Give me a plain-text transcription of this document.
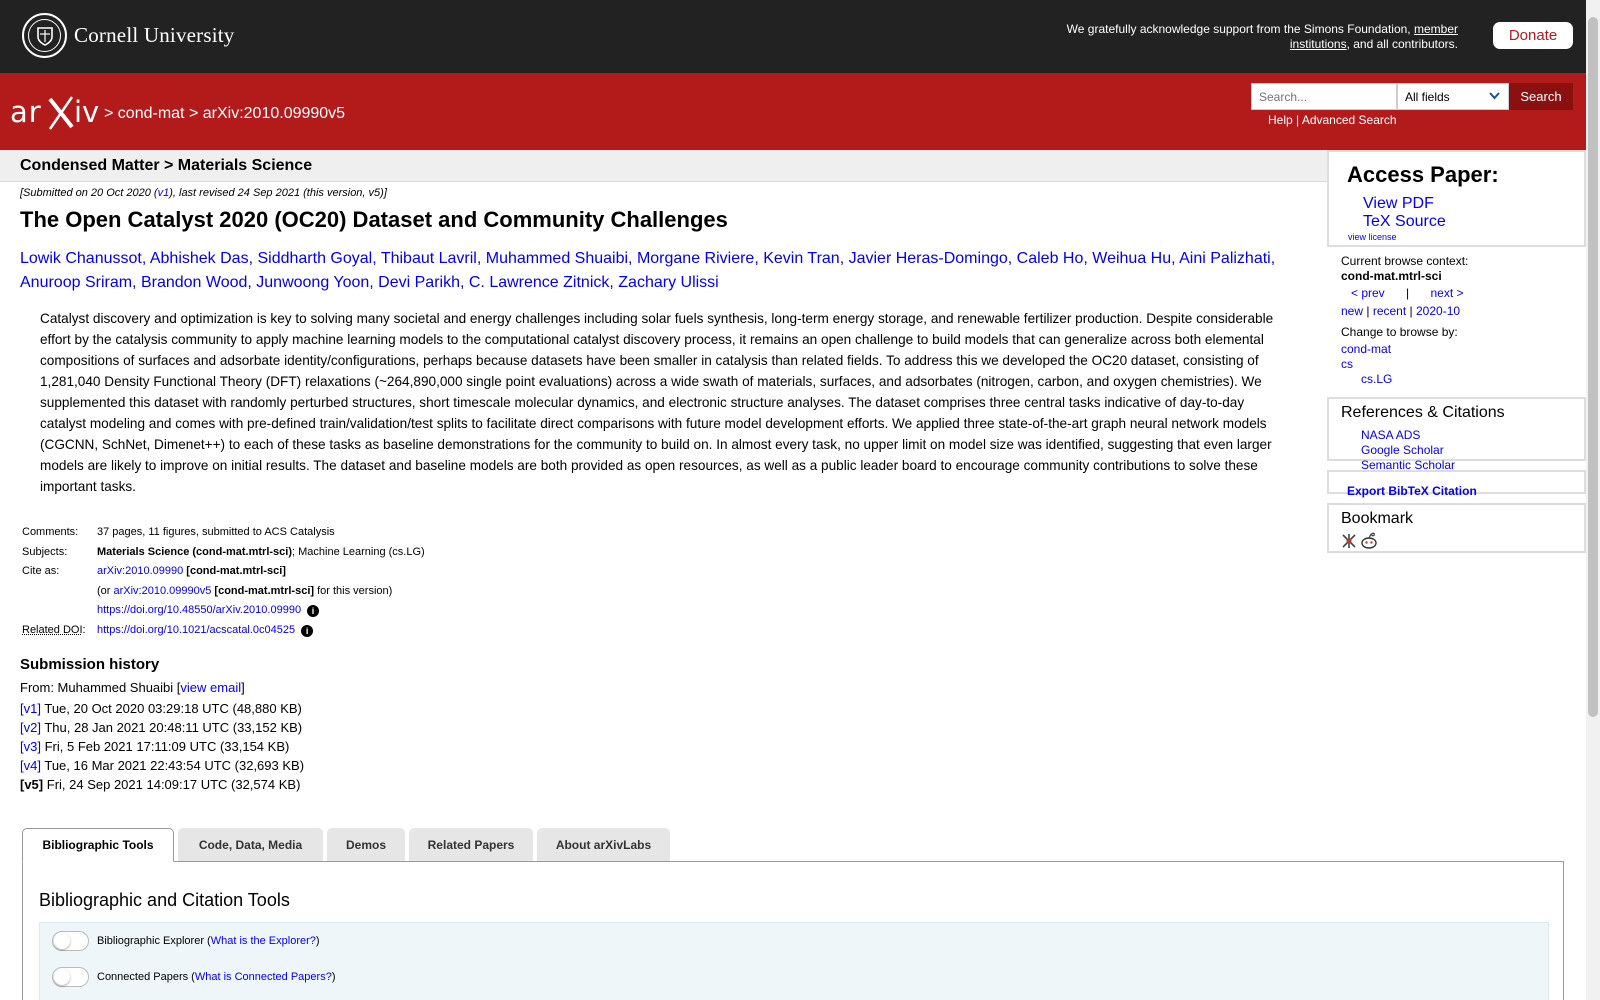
Cornell University	We gratefully acknowledge support from the Simons Foundation, member institutions, and all contributors.	Donate
ar iv > cond-mat > arXiv:2010.09990v5
Search...
All fields	Search
Help | Advanced Search
Condensed Matter > Materials Science
[Submitted on 20 Oct 2020 (v1), last revised 24 Sep 2021 (this version, v5)]
The Open Catalyst 2020 (OC20) Dataset and Community Challenges
Lowik Chanussot, Abhishek Das, Siddharth Goyal, Thibaut Lavril, Muhammed Shuaibi, Morgane Riviere, Kevin Tran, Javier Heras-Domingo, Caleb Ho, Weihua Hu, Aini Palizhati, Anuroop Sriram, Brandon Wood, Junwoong Yoon, Devi Parikh, C. Lawrence Zitnick, Zachary Ulissi

Catalyst discovery and optimization is key to solving many societal and energy challenges including solar fuels synthesis, long-term energy storage, and renewable fertilizer production. Despite considerable effort by the catalysis community to apply machine learning models to the computational catalyst discovery process, it remains an open challenge to build models that can generalize across both elemental compositions of surfaces and adsorbate identity/configurations, perhaps because datasets have been smaller in catalysis than related fields. To address this we developed the OC20 dataset, consisting of 1,281,040 Density Functional Theory (DFT) relaxations (~264,890,000 single point evaluations) across a wide swath of materials, surfaces, and adsorbates (nitrogen, carbon, and oxygen chemistries). We supplemented this dataset with randomly perturbed structures, short timescale molecular dynamics, and electronic structure analyses. The dataset comprises three central tasks indicative of day-to-day catalyst modeling and comes with pre-defined train/validation/test splits to facilitate direct comparisons with future model development efforts. We applied three state-of-the-art graph neural network models (CGCNN, SchNet, Dimenet++) to each of these tasks as baseline demonstrations for the community to build on. In almost every task, no upper limit on model size was identified, suggesting that even larger models are likely to improve on initial results. The dataset and baseline models are both provided as open resources, as well as a public leader board to encourage community contributions to solve these important tasks.

Comments:	37 pages, 11 figures, submitted to ACS Catalysis
Subjects:	Materials Science (cond-mat.mtrl-sci); Machine Learning (cs.LG)
Cite as:	arXiv:2010.09990 [cond-mat.mtrl-sci]
	(or arXiv:2010.09990v5 [cond-mat.mtrl-sci] for this version)
	https://doi.org/10.48550/arXiv.2010.09990 i
Related DOI:	https://doi.org/10.1021/acscatal.0c04525 i
Submission history
From: Muhammed Shuaibi [view email]
[v1] Tue, 20 Oct 2020 03:29:18 UTC (48,880 KB)
[v2] Thu, 28 Jan 2021 20:48:11 UTC (33,152 KB)
[v3] Fri, 5 Feb 2021 17:11:09 UTC (33,154 KB)
[v4] Tue, 16 Mar 2021 22:43:54 UTC (32,693 KB)
[v5] Fri, 24 Sep 2021 14:09:17 UTC (32,574 KB)
Bibliographic Tools	Code, Data, Media	Demos	Related Papers	About arXivLabs
Bibliographic and Citation Tools
Bibliographic Explorer ( What is the Explorer? )
Connected Papers ( What is Connected Papers? )
Access Paper:
View PDF
TeX Source
view license
Current browse context:
cond-mat.mtrl-sci
< prev | next >
new | recent | 2020-10
Change to browse by:
cond-mat
cs
cs.LG
References & Citations
NASA ADS
Google Scholar
Semantic Scholar
Export BibTeX Citation
Bookmark
